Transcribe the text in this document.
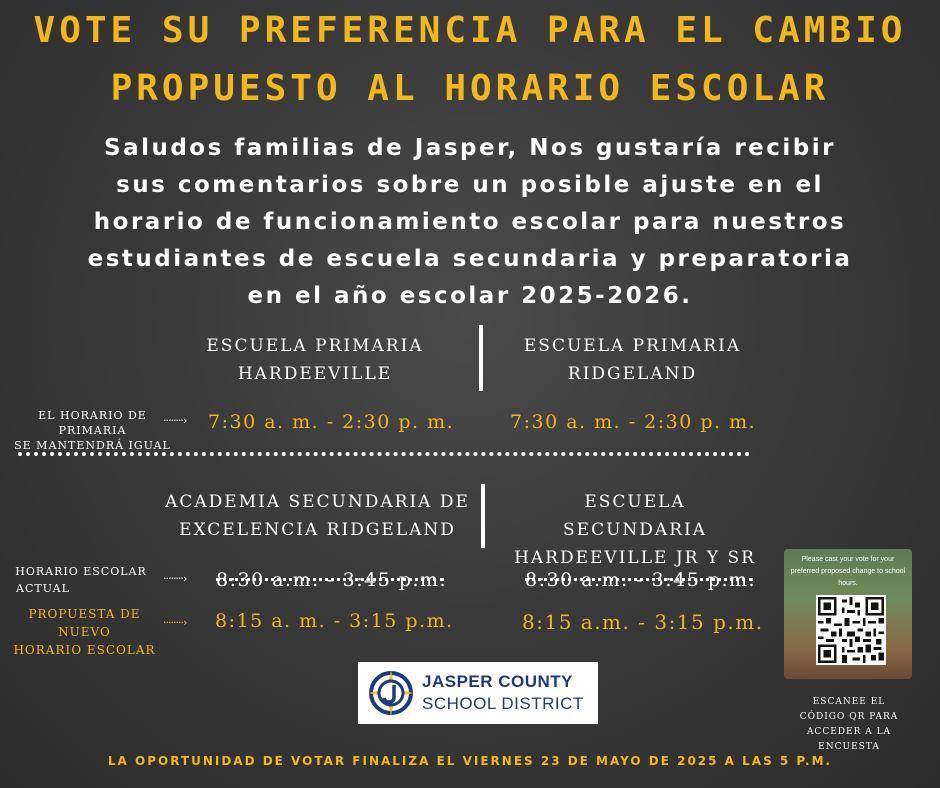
VOTE SU PREFERENCIA PARA EL CAMBIO
PROPUESTO AL HORARIO ESCOLAR
Saludos familias de Jasper, Nos gustaría recibir
sus comentarios sobre un posible ajuste en el
horario de funcionamiento escolar para nuestros
estudiantes de escuela secundaria y preparatoria
en el año escolar 2025-2026.
ESCUELA PRIMARIA
HARDEEVILLE
ESCUELA PRIMARIA
RIDGELAND
EL HORARIO DE PRIMARIA
SE MANTENDRÁ IGUAL
········› 7:30 a. m. - 2:30 p. m.	7:30 a. m. - 2:30 p. m.
ACADEMIA SECUNDARIA DE
EXCELENCIA RIDGELAND
ESCUELA SECUNDARIA
HARDEEVILLE JR Y SR
HORARIO ESCOLAR
ACTUAL
········› 8:30 a.m. - 3:45 p.m.	8:30 a.m. - 3:45 p.m.
PROPUESTA DE NUEVO
HORARIO ESCOLAR
········› 8:15 a. m. - 3:15 p.m.	8:15 a.m. - 3:15 p.m.
JASPER COUNTY
SCHOOL DISTRICT
Please cast your vote for your preferred proposed change to school hours.
ESCANEE EL CÓDIGO QR PARA ACCEDER A LA ENCUESTA
LA OPORTUNIDAD DE VOTAR FINALIZA EL VIERNES 23 DE MAYO DE 2025 A LAS 5 P.M.
